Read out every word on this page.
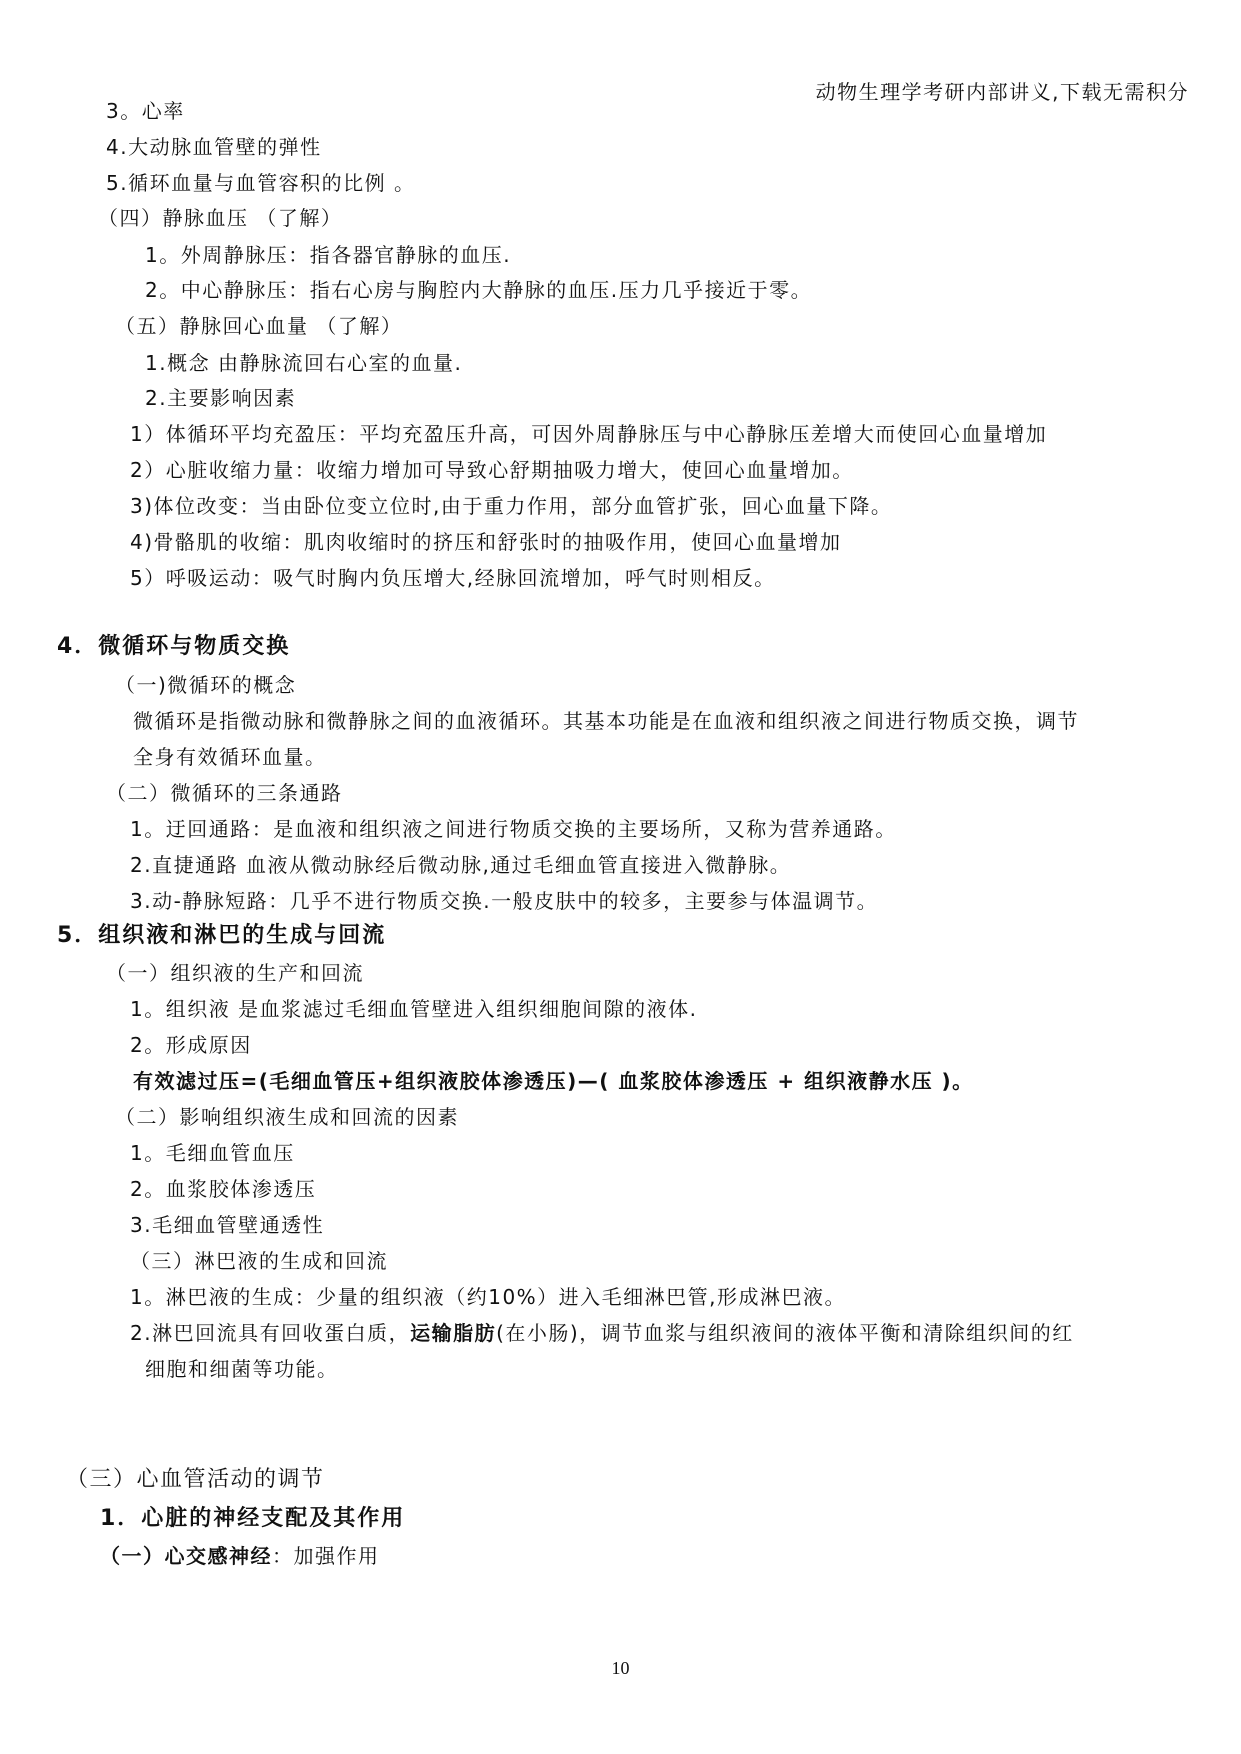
动物生理学考研内部讲义,下载无需积分
3。心率
4.大动脉血管壁的弹性
5.循环血量与血管容积的比例 。
（四）静脉血压 （了解）
1。外周静脉压：指各器官静脉的血压.
2。中心静脉压：指右心房与胸腔内大静脉的血压.压力几乎接近于零。
（五）静脉回心血量 （了解）
1.概念 由静脉流回右心室的血量.
2.主要影响因素
1）体循环平均充盈压：平均充盈压升高，可因外周静脉压与中心静脉压差增大而使回心血量增加
2）心脏收缩力量：收缩力增加可导致心舒期抽吸力增大，使回心血量增加。
3)体位改变：当由卧位变立位时,由于重力作用，部分血管扩张，回心血量下降。
4)骨骼肌的收缩：肌肉收缩时的挤压和舒张时的抽吸作用，使回心血量增加
5）呼吸运动：吸气时胸内负压增大,经脉回流增加，呼气时则相反。
4．微循环与物质交换
（一)微循环的概念
微循环是指微动脉和微静脉之间的血液循环。其基本功能是在血液和组织液之间进行物质交换，调节
全身有效循环血量。
（二）微循环的三条通路
1。迂回通路：是血液和组织液之间进行物质交换的主要场所，又称为营养通路。
2.直捷通路 血液从微动脉经后微动脉,通过毛细血管直接进入微静脉。
3.动-静脉短路：几乎不进行物质交换.一般皮肤中的较多，主要参与体温调节。
5．组织液和淋巴的生成与回流
（一）组织液的生产和回流
1。组织液 是血浆滤过毛细血管壁进入组织细胞间隙的液体.
2。形成原因
有效滤过压=(毛细血管压+组织液胶体渗透压)—( 血浆胶体渗透压 + 组织液静水压 )。
（二）影响组织液生成和回流的因素
1。毛细血管血压
2。血浆胶体渗透压
3.毛细血管壁通透性
（三）淋巴液的生成和回流
1。淋巴液的生成：少量的组织液（约10%）进入毛细淋巴管,形成淋巴液。
2.淋巴回流具有回收蛋白质，运输脂肪(在小肠)，调节血浆与组织液间的液体平衡和清除组织间的红
细胞和细菌等功能。
（三）心血管活动的调节
1．心脏的神经支配及其作用
（一）心交感神经：加强作用
10
